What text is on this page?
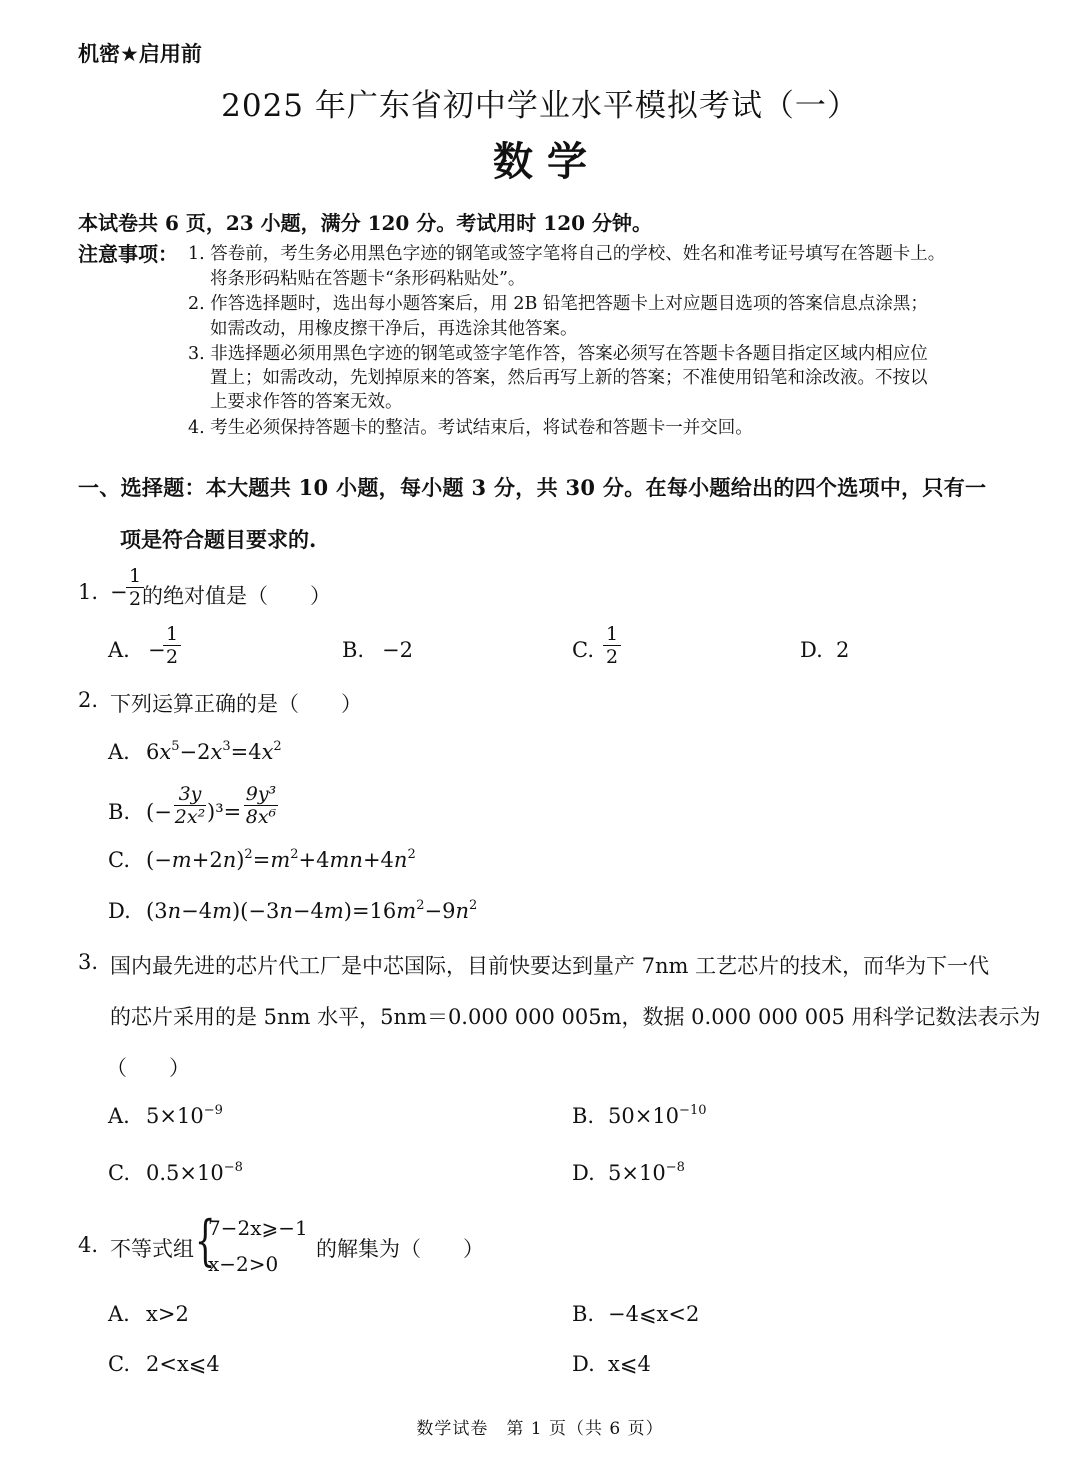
机密★启用前
2025 年广东省初中学业水平模拟考试（一）
数 学
本试卷共 6 页，23 小题，满分 120 分。考试用时 120 分钟。
注意事项： 1. 答卷前，考生务必用黑色字迹的钢笔或签字笔将自己的学校、姓名和准考证号填写在答题卡上。
将条形码粘贴在答题卡“条形码粘贴处”。
2. 作答选择题时，选出每小题答案后，用 2B 铅笔把答题卡上对应题目选项的答案信息点涂黑；
如需改动，用橡皮擦干净后，再选涂其他答案。
3. 非选择题必须用黑色字迹的钢笔或签字笔作答，答案必须写在答题卡各题目指定区域内相应位
置上；如需改动，先划掉原来的答案，然后再写上新的答案；不准使用铅笔和涂改液。不按以
上要求作答的答案无效。
4. 考生必须保持答题卡的整洁。考试结束后，将试卷和答题卡一并交回。
一、选择题：本大题共 10 小题，每小题 3 分，共 30 分。在每小题给出的四个选项中，只有一
项是符合题目要求的.
1. −
1
2 的绝对值是（　　）
A. −
1
2	B. −2	C.
1
2	D. 2
2. 下列运算正确的是（　　）
A. $6x^5-2x^3=4x^2$
B. (−
3y
2x² )³=
9y³
8x⁶
C. $(-m+2n)^2=m^2+4mn+4n^2$
D. $(3n-4m)(-3n-4m)=16m^2-9n^2$
3. 国内最先进的芯片代工厂是中芯国际，目前快要达到量产 7nm 工艺芯片的技术，而华为下一代
的芯片采用的是 5nm 水平，5nm＝0.000 000 005m，数据 0.000 000 005 用科学记数法表示为
（　　）
A. $5\times 10^{-9}$	B. $50\times 10^{-10}$
C. $0.5\times 10^{-8}$	D. $5\times 10^{-8}$
4. 不等式组 {
7−2x⩾−1
x−2>0
的解集为（　　）
A. x>2	B. −4⩽x<2
C. 2<x⩽4	D. x⩽4
数学试卷　第 1 页（共 6 页）
